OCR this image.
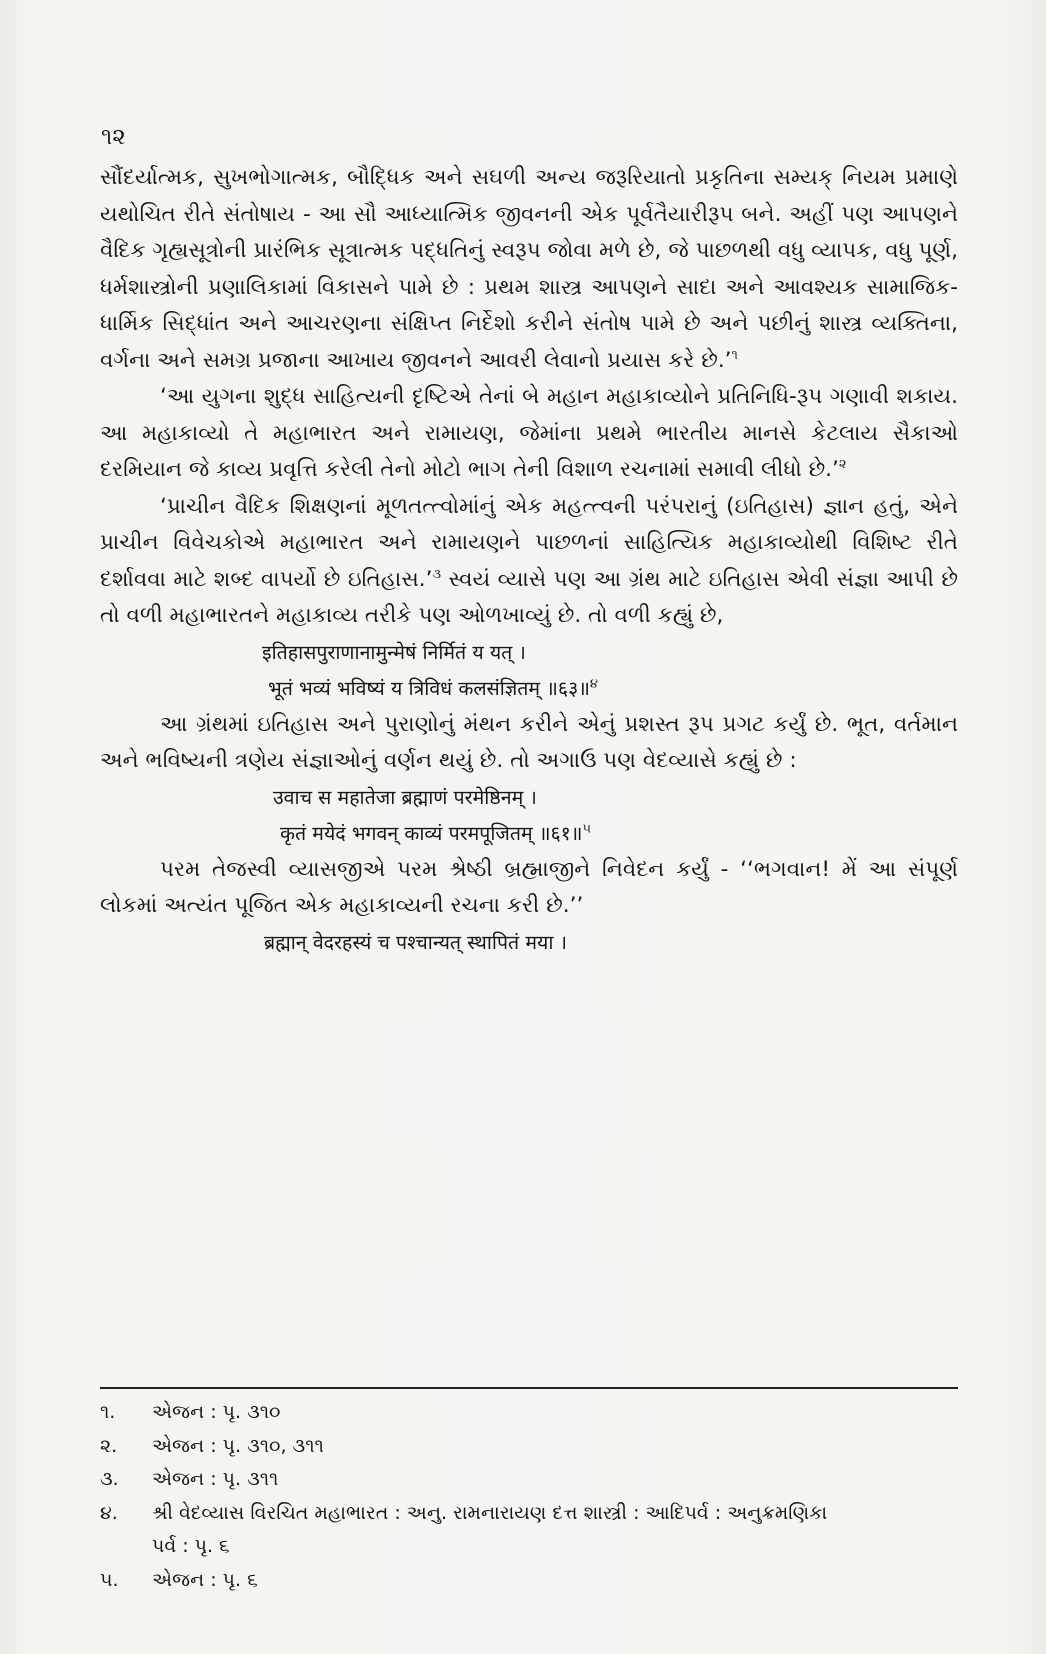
૧૨

સૌંદર્યાત્મક, સુખભોગાત્મક, બૌદ્ધિક અને સઘળી અન્ય જરૂરિયાતો પ્રકૃતિના સમ્યક્ નિયમ પ્રમાણે યથોચિત રીતે સંતોષાય - આ સૌ આધ્યાત્મિક જીવનની એક પૂર્વતૈયારીરૂપ બને. અહીં પણ આપણને વૈદિક ગૃહ્યસૂત્રોની પ્રારંભિક સૂત્રાત્મક પદ્ધતિનું સ્વરૂપ જોવા મળે છે, જે પાછળથી વધુ વ્યાપક, વધુ પૂર્ણ, ધર્મશાસ્ત્રોની પ્રણાલિકામાં વિકાસને પામે છે : પ્રથમ શાસ્ત્ર આપણને સાદા અને આવશ્યક સામાજિક-ધાર્મિક સિદ્ધાંત અને આચરણના સંક્ષિપ્ત નિર્દેશો કરીને સંતોષ પામે છે અને પછીનું શાસ્ત્ર વ્યક્તિના, વર્ગના અને સમગ્ર પ્રજાના આખાય જીવનને આવરી લેવાનો પ્રયાસ કરે છે.’$^૧$

‘આ યુગના શુદ્ધ સાહિત્યની દૃષ્ટિએ તેનાં બે મહાન મહાકાવ્યોને પ્રતિનિધિ-રૂપ ગણાવી શકાય. આ મહાકાવ્યો તે મહાભારત અને રામાયણ, જેમાંના પ્રથમે ભારતીય માનસે કેટલાય સૈકાઓ દરમિયાન જે કાવ્ય પ્રવૃત્તિ કરેલી તેનો મોટો ભાગ તેની વિશાળ રચનામાં સમાવી લીધો છે.’$^૨$

‘પ્રાચીન વૈદિક શિક્ષણનાં મૂળતત્ત્વોમાંનું એક મહત્ત્વની પરંપરાનું (ઇતિહાસ) જ્ઞાન હતું, એને પ્રાચીન વિવેચકોએ મહાભારત અને રામાયણને પાછળનાં સાહિત્યિક મહાકાવ્યોથી વિશિષ્ટ રીતે દર્શાવવા માટે શબ્દ વાપર્યો છે ઇતિહાસ.’$^૩$ સ્વયં વ્યાસે પણ આ ગ્રંથ માટે ઇતિહાસ એવી સંજ્ઞા આપી છે તો વળી મહાભારતને મહાકાવ્ય તરીકે પણ ઓળખાવ્યું છે. તો વળી કહ્યું છે,

इतिहासपुराणानामुन्मेषं निर्मितं य यत् ।

भूतं भव्यं भविष्यं य त्रिविधं कलसंज्ञितम् ॥६३॥$^૪$

આ ગ્રંથમાં ઇતિહાસ અને પુરાણોનું મંથન કરીને એનું પ્રશસ્ત રૂપ પ્રગટ કર્યું છે. ભૂત, વર્તમાન અને ભવિષ્યની ત્રણેય સંજ્ઞાઓનું વર્ણન થયું છે. તો અગાઉ પણ વેદવ્યાસે કહ્યું છે :

उवाच स महातेजा ब्रह्माणं परमेष्ठिनम् ।

कृतं मयेदं भगवन् काव्यं परमपूजितम् ॥६१॥$^૫$

પરમ તેજસ્વી વ્યાસજીએ પરમ શ્રેષ્ઠી બ્રહ્માજીને નિવેદન કર્યું - ‘‘ભગવાન! મેં આ સંપૂર્ણ લોકમાં અત્યંત પૂજિત એક મહાકાવ્યની રચના કરી છે.’’

ब्रह्मान् वेदरहस्यं च पश्चान्यत् स्थापितं मया ।

૧.	એજન : પૃ. ૩૧૦
૨.	એજન : પૃ. ૩૧૦, ૩૧૧
૩.	એજન : પૃ. ૩૧૧
૪.	શ્રી વેદવ્યાસ વિરચિત મહાભારત : અનુ. રામનારાયણ દત્ત શાસ્ત્રી : આદિપર્વ : અનુક્રમણિકા
પર્વ : પૃ. ૬
૫.	એજન : પૃ. ૬
